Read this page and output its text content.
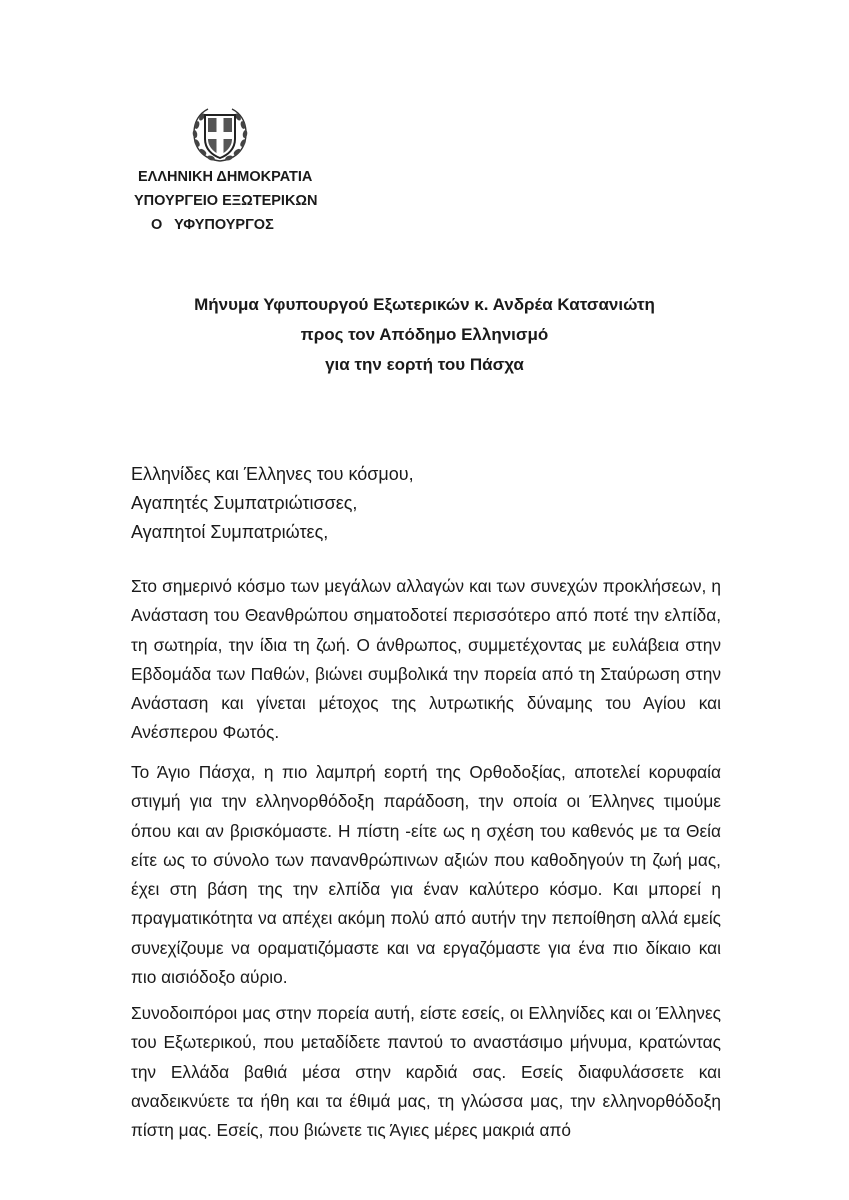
ΕΛΛΗΝΙΚΗ ΔΗΜΟΚΡΑΤΙΑ
ΥΠΟΥΡΓΕΙΟ ΕΞΩΤΕΡΙΚΩΝ
Ο   ΥΦΥΠΟΥΡΓΟΣ
Μήνυμα Υφυπουργού Εξωτερικών κ. Ανδρέα Κατσανιώτη
προς τον Απόδημο Ελληνισμό
για την εορτή του Πάσχα
Ελληνίδες και Έλληνες του κόσμου,
Αγαπητές Συμπατριώτισσες,
Αγαπητοί Συμπατριώτες,
Στο σημερινό κόσμο των μεγάλων αλλαγών και των συνεχών προκλήσεων, η Ανάσταση του Θεανθρώπου σηματοδοτεί περισσότερο από ποτέ την ελπίδα, τη σωτηρία, την ίδια τη ζωή. Ο άνθρωπος, συμμετέχοντας με ευλάβεια στην Εβδομάδα των Παθών, βιώνει συμβολικά την πορεία από τη Σταύρωση στην Ανάσταση και γίνεται μέτοχος της λυτρωτικής δύναμης του Αγίου και Ανέσπερου Φωτός.
Το Άγιο Πάσχα, η πιο λαμπρή εορτή της Ορθοδοξίας, αποτελεί κορυφαία στιγμή για την ελληνορθόδοξη παράδοση, την οποία οι Έλληνες τιμούμε όπου και αν βρισκόμαστε. Η πίστη -είτε ως η σχέση του καθενός με τα Θεία είτε ως το σύνολο των πανανθρώπινων αξιών που καθοδηγούν τη ζωή μας, έχει στη βάση της την ελπίδα για έναν καλύτερο κόσμο. Και μπορεί η πραγματικότητα να απέχει ακόμη πολύ από αυτήν την πεποίθηση αλλά εμείς συνεχίζουμε να οραματιζόμαστε και να εργαζόμαστε για ένα πιο δίκαιο και πιο αισιόδοξο αύριο.
Συνοδοιπόροι μας στην πορεία αυτή, είστε εσείς, οι Ελληνίδες και οι Έλληνες του Εξωτερικού, που μεταδίδετε παντού το αναστάσιμο μήνυμα, κρατώντας την Ελλάδα βαθιά μέσα στην καρδιά σας. Εσείς διαφυλάσσετε και αναδεικνύετε τα ήθη και τα έθιμά μας, τη γλώσσα μας, την ελληνορθόδοξη πίστη μας. Εσείς, που βιώνετε τις Άγιες μέρες μακριά από
